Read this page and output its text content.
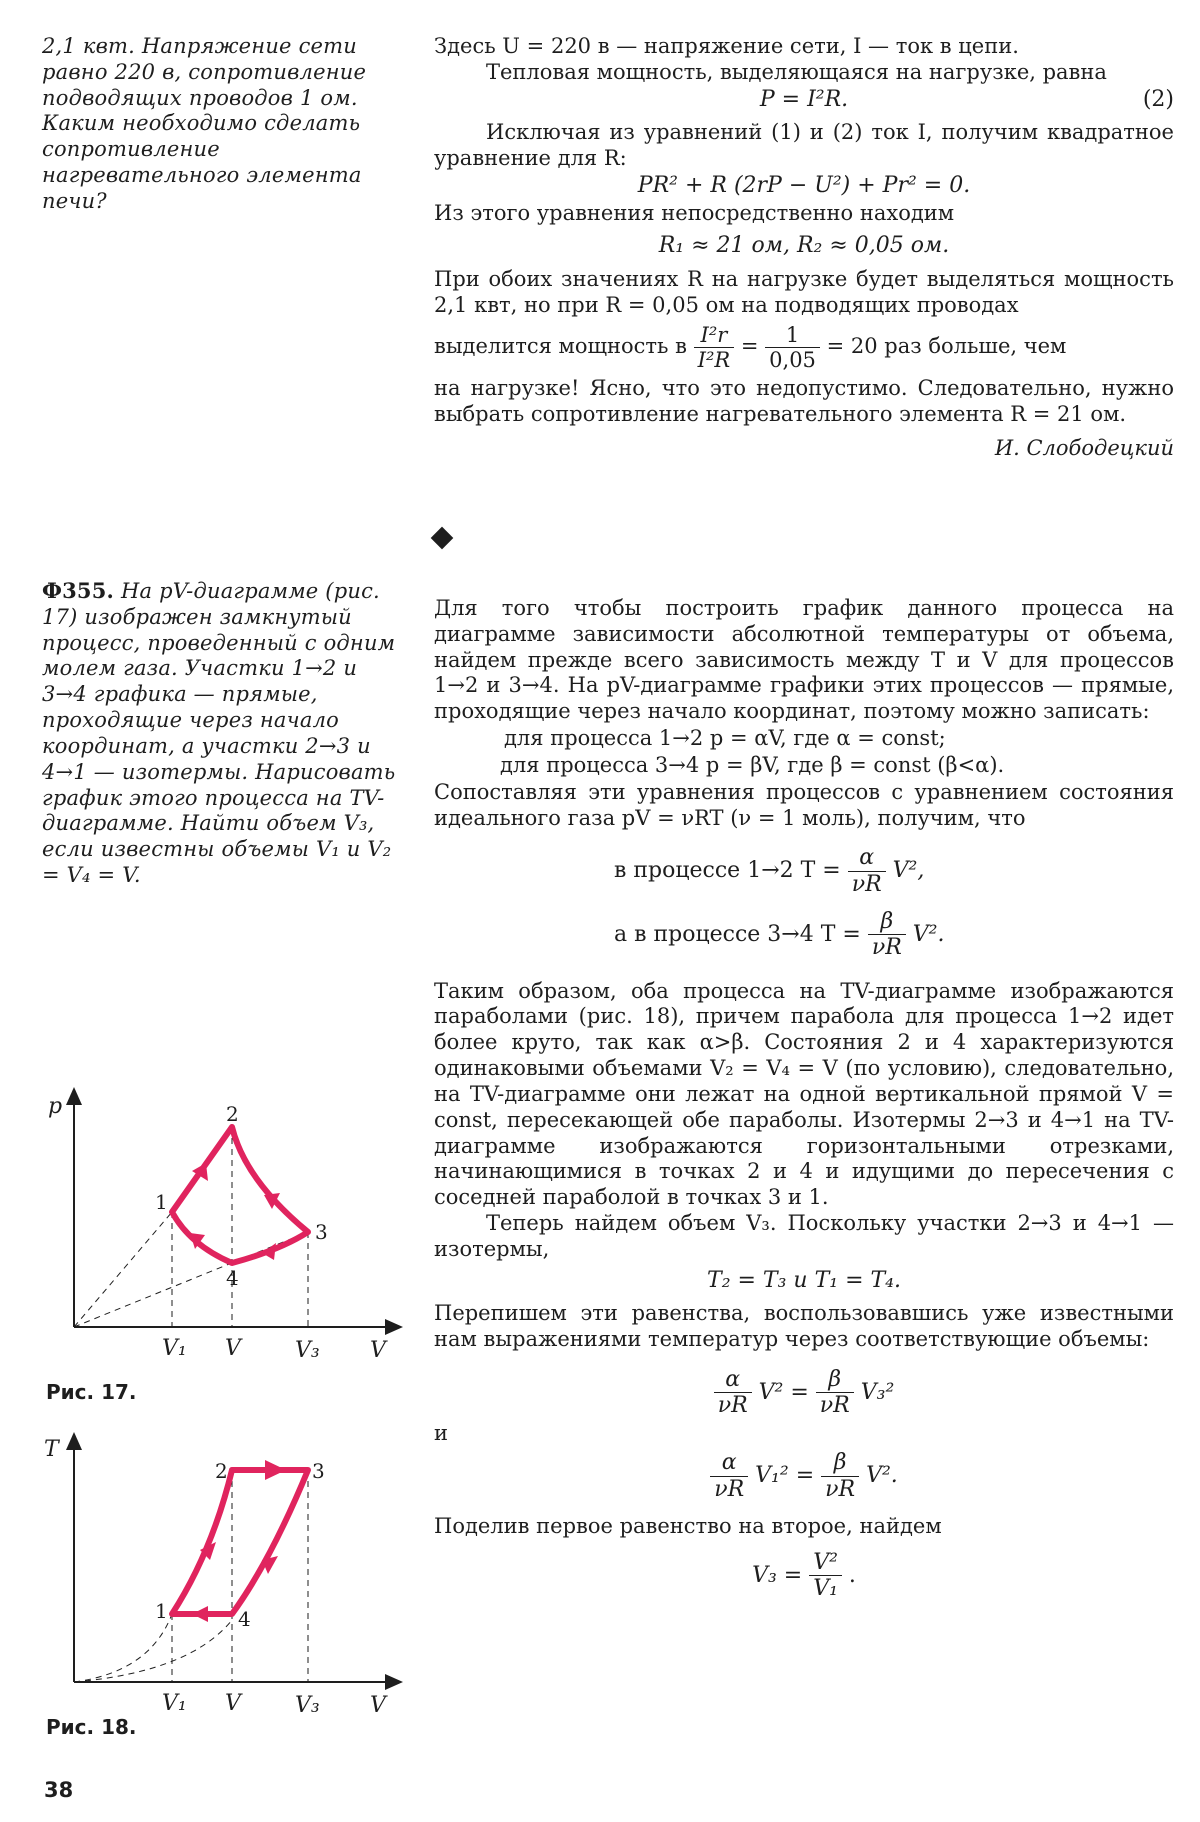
2,1 квт. Напряжение сети равно 220 в, сопротивление подводящих проводов 1 ом. Каким необходимо сделать сопротивление нагревательного элемента печи?
Ф355. На pV-диаграмме (рис. 17) изображен замкнутый процесс, проведенный с одним молем газа. Участки 1→2 и 3→4 графика — прямые, проходящие через начало координат, а участки 2→3 и 4→1 — изотермы. Нарисовать график этого процесса на TV-диаграмме. Найти объем V₃, если известны объемы V₁ и V₂ = V₄ = V.
p
V
1
2
3
4
V₁ V V₃
Рис. 17.
T
V
1
2	3
4
V₁ V V₃
Рис. 18.

Здесь U = 220 в — напряжение сети, I — ток в цепи.

Тепловая мощность, выделяющаяся на нагрузке, равна

P = I²R.	(2)

Исключая из уравнений (1) и (2) ток I, получим квадратное уравнение для R:

PR² + R (2rP − U²) + Pr² = 0.

Из этого уравнения непосредственно находим

R₁ ≈ 21 ом, R₂ ≈ 0,05 ом.

При обоих значениях R на нагрузке будет выделяться мощность 2,1 квт, но при R = 0,05 ом на подводящих проводах

выделится мощность в $\frac{\text{I²r}}{\text{I²R}} = \frac{1}{0,05} = 20$ раз больше, чем

на нагрузке! Ясно, что это недопустимо. Следовательно, нужно выбрать сопротивление нагревательного элемента R = 21 ом.

И. Слободецкий

Для того чтобы построить график данного процесса на диаграмме зависимости абсолютной температуры от объема, найдем прежде всего зависимость между T и V для процессов 1→2 и 3→4. На pV-диаграмме графики этих процессов — прямые, проходящие через начало координат, поэтому можно записать:

для процесса 1→2 p = αV, где α = const;

для процесса 3→4 p = βV, где β = const (β<α).

Сопоставляя эти уравнения процессов с уравнением состояния идеального газа pV = νRT (ν = 1 моль), получим, что

в процессе 1→2 $T = \frac{\alpha}{\nu R} V^2$,

а в процессе 3→4 $T = \frac{\beta}{\nu R} V^2$.

Таким образом, оба процесса на TV-диаграмме изображаются параболами (рис. 18), причем парабола для процесса 1→2 идет более круто, так как α>β. Состояния 2 и 4 характеризуются одинаковыми объемами V₂ = V₄ = V (по условию), следовательно, на TV-диаграмме они лежат на одной вертикальной прямой V = const, пересекающей обе параболы. Изотермы 2→3 и 4→1 на TV-диаграмме изображаются горизонтальными отрезками, начинающимися в точках 2 и 4 и идущими до пересечения с соседней параболой в точках 3 и 1.

Теперь найдем объем V₃. Поскольку участки 2→3 и 4→1 — изотермы,

T₂ = T₃ и T₁ = T₄.

Перепишем эти равенства, воспользовавшись уже известными нам выражениями температур через соответствующие объемы:

$\frac{\alpha}{\nu R} V^2 = \frac{\beta}{\nu R} V_3^2$

и

$\frac{\alpha}{\nu R} V_1^2 = \frac{\beta}{\nu R} V^2$.

Поделив первое равенство на второе, найдем

$V_3 = \frac{\text{V²}}{\text{V₁}}$ .

38
